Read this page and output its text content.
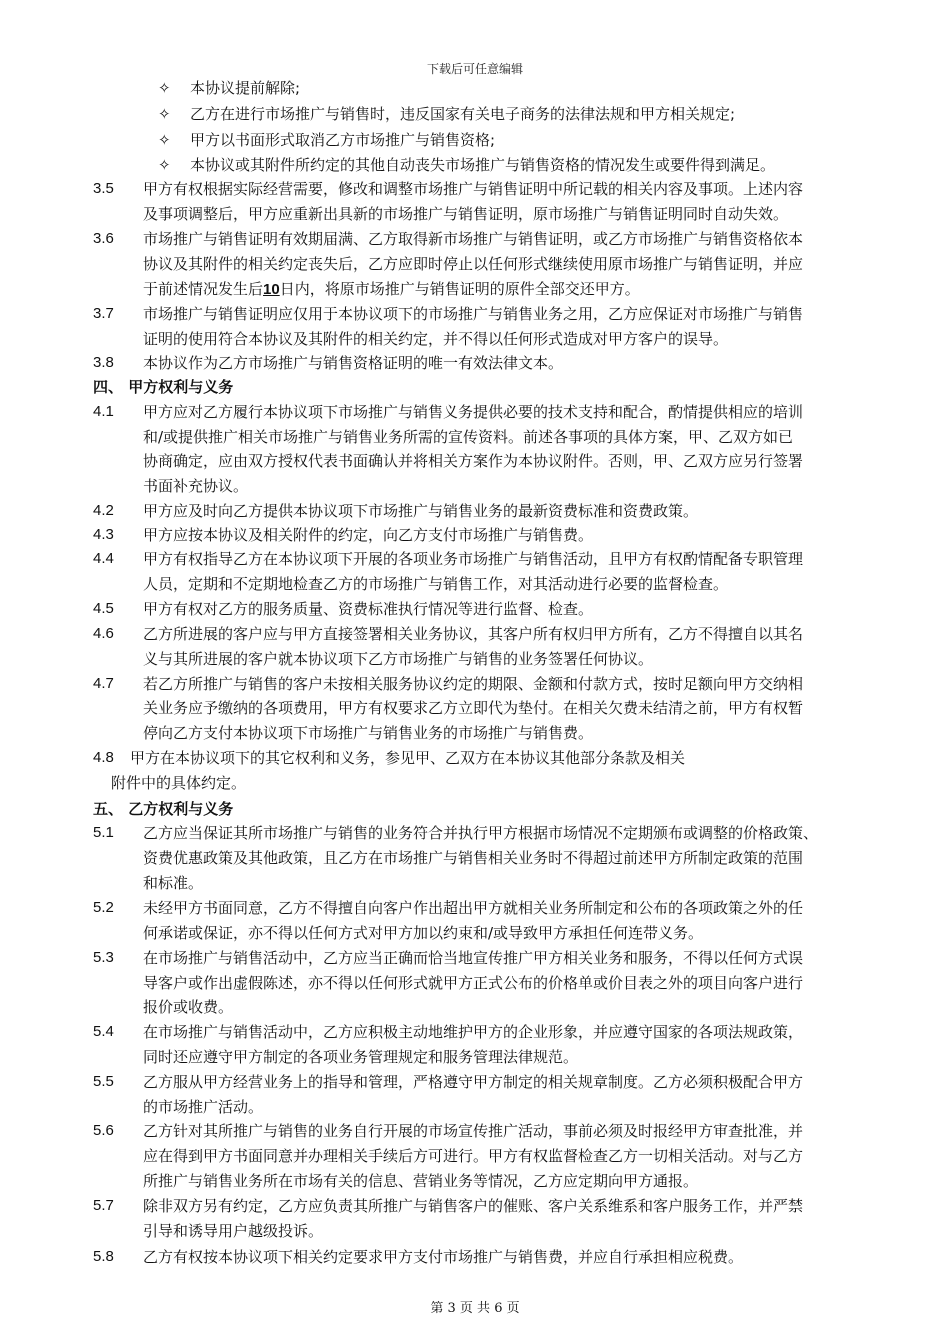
下载后可任意编辑
✧ 本协议提前解除;
✧ 乙方在进行市场推广与销售时，违反国家有关电子商务的法律法规和甲方相关规定;
✧ 甲方以书面形式取消乙方市场推广与销售资格;
✧ 本协议或其附件所约定的其他自动丧失市场推广与销售资格的情况发生或要件得到满足。
3.5 甲方有权根据实际经营需要，修改和调整市场推广与销售证明中所记载的相关内容及事项。上述内容
及事项调整后，甲方应重新出具新的市场推广与销售证明，原市场推广与销售证明同时自动失效。
3.6 市场推广与销售证明有效期届满、乙方取得新市场推广与销售证明，或乙方市场推广与销售资格依本
协议及其附件的相关约定丧失后，乙方应即时停止以任何形式继续使用原市场推广与销售证明，并应
于前述情况发生后10日内，将原市场推广与销售证明的原件全部交还甲方。
3.7 市场推广与销售证明应仅用于本协议项下的市场推广与销售业务之用，乙方应保证对市场推广与销售
证明的使用符合本协议及其附件的相关约定，并不得以任何形式造成对甲方客户的误导。
3.8 本协议作为乙方市场推广与销售资格证明的唯一有效法律文本。
四、 甲方权利与义务
4.1 甲方应对乙方履行本协议项下市场推广与销售义务提供必要的技术支持和配合，酌情提供相应的培训
和/或提供推广相关市场推广与销售业务所需的宣传资料。前述各事项的具体方案，甲、乙双方如已
协商确定，应由双方授权代表书面确认并将相关方案作为本协议附件。否则，甲、乙双方应另行签署
书面补充协议。
4.2 甲方应及时向乙方提供本协议项下市场推广与销售业务的最新资费标准和资费政策。
4.3 甲方应按本协议及相关附件的约定，向乙方支付市场推广与销售费。
4.4 甲方有权指导乙方在本协议项下开展的各项业务市场推广与销售活动，且甲方有权酌情配备专职管理
人员，定期和不定期地检查乙方的市场推广与销售工作，对其活动进行必要的监督检查。
4.5 甲方有权对乙方的服务质量、资费标准执行情况等进行监督、检查。
4.6 乙方所进展的客户应与甲方直接签署相关业务协议，其客户所有权归甲方所有，乙方不得擅自以其名
义与其所进展的客户就本协议项下乙方市场推广与销售的业务签署任何协议。
4.7 若乙方所推广与销售的客户未按相关服务协议约定的期限、金额和付款方式，按时足额向甲方交纳相
关业务应予缴纳的各项费用，甲方有权要求乙方立即代为垫付。在相关欠费未结清之前，甲方有权暂
停向乙方支付本协议项下市场推广与销售业务的市场推广与销售费。
4.8 甲方在本协议项下的其它权利和义务，参见甲、乙双方在本协议其他部分条款及相关
附件中的具体约定。
五、 乙方权利与义务
5.1 乙方应当保证其所市场推广与销售的业务符合并执行甲方根据市场情况不定期颁布或调整的价格政策、
资费优惠政策及其他政策，且乙方在市场推广与销售相关业务时不得超过前述甲方所制定政策的范围
和标准。
5.2 未经甲方书面同意，乙方不得擅自向客户作出超出甲方就相关业务所制定和公布的各项政策之外的任
何承诺或保证，亦不得以任何方式对甲方加以约束和/或导致甲方承担任何连带义务。
5.3 在市场推广与销售活动中，乙方应当正确而恰当地宣传推广甲方相关业务和服务，不得以任何方式误
导客户或作出虚假陈述，亦不得以任何形式就甲方正式公布的价格单或价目表之外的项目向客户进行
报价或收费。
5.4 在市场推广与销售活动中，乙方应积极主动地维护甲方的企业形象，并应遵守国家的各项法规政策，
同时还应遵守甲方制定的各项业务管理规定和服务管理法律规范。
5.5 乙方服从甲方经营业务上的指导和管理，严格遵守甲方制定的相关规章制度。乙方必须积极配合甲方
的市场推广活动。
5.6 乙方针对其所推广与销售的业务自行开展的市场宣传推广活动，事前必须及时报经甲方审查批准，并
应在得到甲方书面同意并办理相关手续后方可进行。甲方有权监督检查乙方一切相关活动。对与乙方
所推广与销售业务所在市场有关的信息、营销业务等情况，乙方应定期向甲方通报。
5.7 除非双方另有约定，乙方应负责其所推广与销售客户的催账、客户关系维系和客户服务工作，并严禁
引导和诱导用户越级投诉。
5.8 乙方有权按本协议项下相关约定要求甲方支付市场推广与销售费，并应自行承担相应税费。
第 3 页 共 6 页
